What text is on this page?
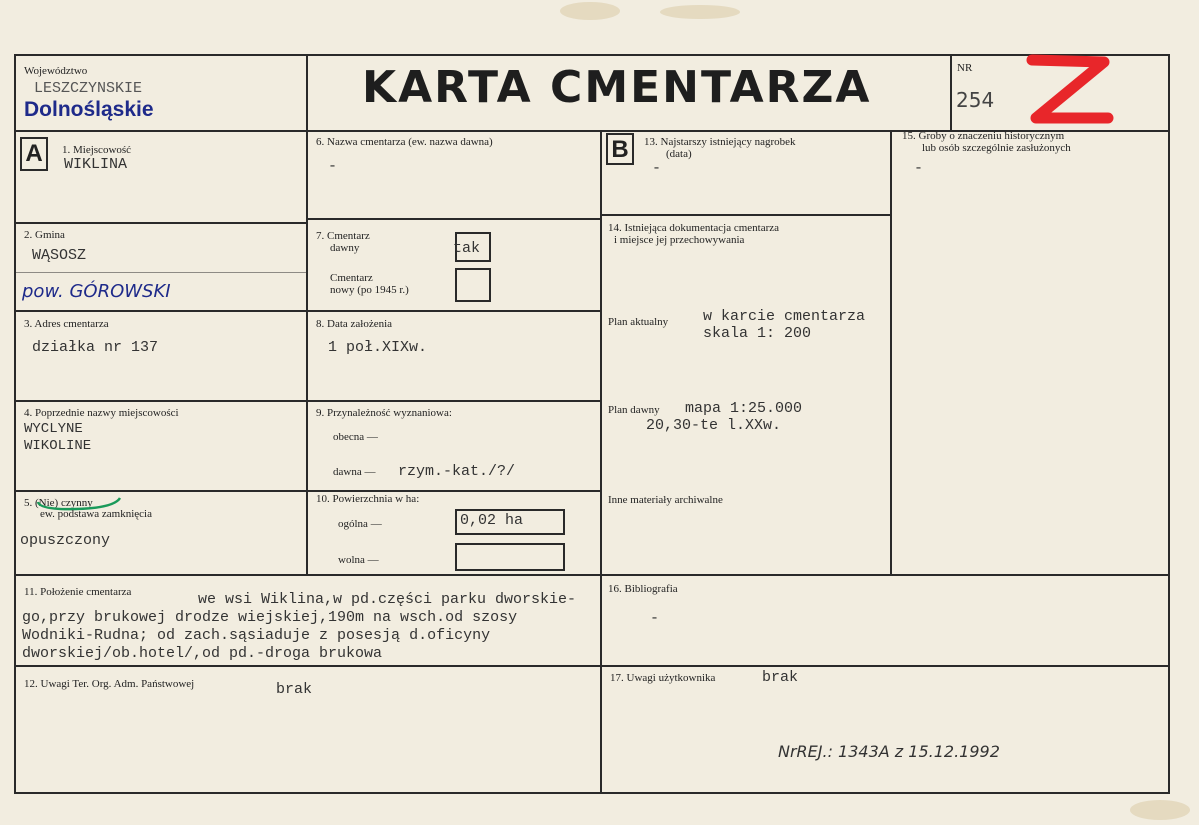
Województwo
LESZCZYNSKIE
Dolnośląskie	KARTA CMENTARZA	NR
254
A	1. Miejscowość
WIKLINA
2. Gmina
WĄSOSZ
pow. GÓROWSKI
3. Adres cmentarza
działka nr 137
4. Poprzednie nazwy miejscowości
WYCLYNE
WIKOLINE
5. (Nie) czynny
ew. podstawa zamknięcia
opuszczony
6. Nazwa cmentarza (ew. nazwa dawna)
-
7. Cmentarz
dawny	tak
Cmentarz
nowy (po 1945 r.)
8. Data założenia
1 poł.XIXw.
9. Przynależność wyznaniowa:
obecna —
dawna — rzym.-kat./?/
10. Powierzchnia w ha:
ogólna —	0,02 ha
wolna —
11. Położenie cmentarza	we wsi Wiklina,w pd.części parku dworskie-
go,przy brukowej drodze wiejskiej,190m na wsch.od szosy
Wodniki-Rudna; od zach.sąsiaduje z posesją d.oficyny
dworskiej/ob.hotel/,od pd.-droga brukowa
12. Uwagi Ter. Org. Adm. Państwowej	brak
B	13. Najstarszy istniejący nagrobek
(data)
-
14. Istniejąca dokumentacja cmentarza
i miejsce jej przechowywania
Plan aktualny w karcie cmentarza
skala 1: 200
Plan dawny mapa 1:25.000
20,30-te l.XXw.
Inne materiały archiwalne
15. Groby o znaczeniu historycznym
lub osób szczególnie zasłużonych
-
16. Bibliografia
-
17. Uwagi użytkownika	brak
NrREJ.: 1343A z 15.12.1992
